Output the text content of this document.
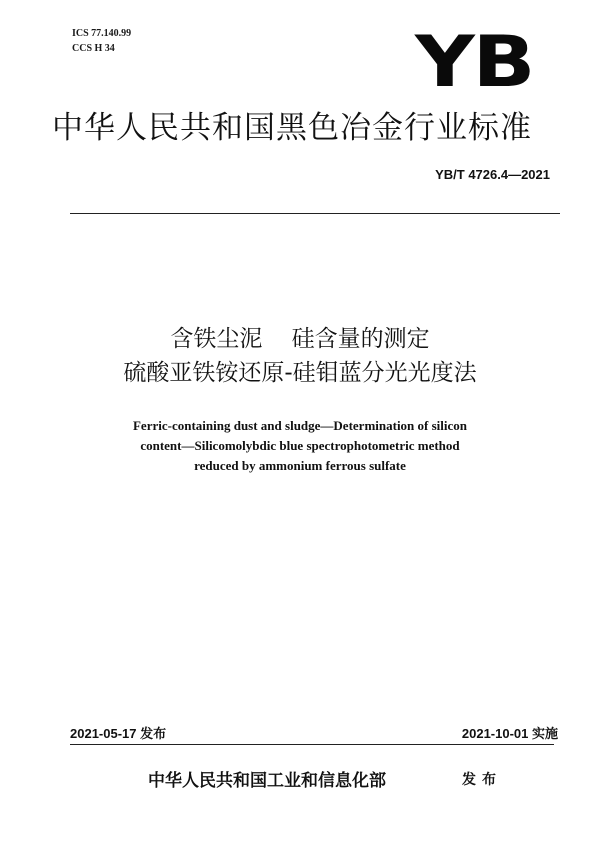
ICS 77.140.99
CCS H 34	YB
中华人民共和国黑色冶金行业标准
YB/T 4726.4—2021
含铁尘泥    硅含量的测定
硫酸亚铁铵还原-硅钼蓝分光光度法
Ferric-containing dust and sludge—Determination of silicon
content—Silicomolybdic blue spectrophotometric method
reduced by ammonium ferrous sulfate
2021-05-17 发布	2021-10-01 实施
中华人民共和国工业和信息化部	发布
